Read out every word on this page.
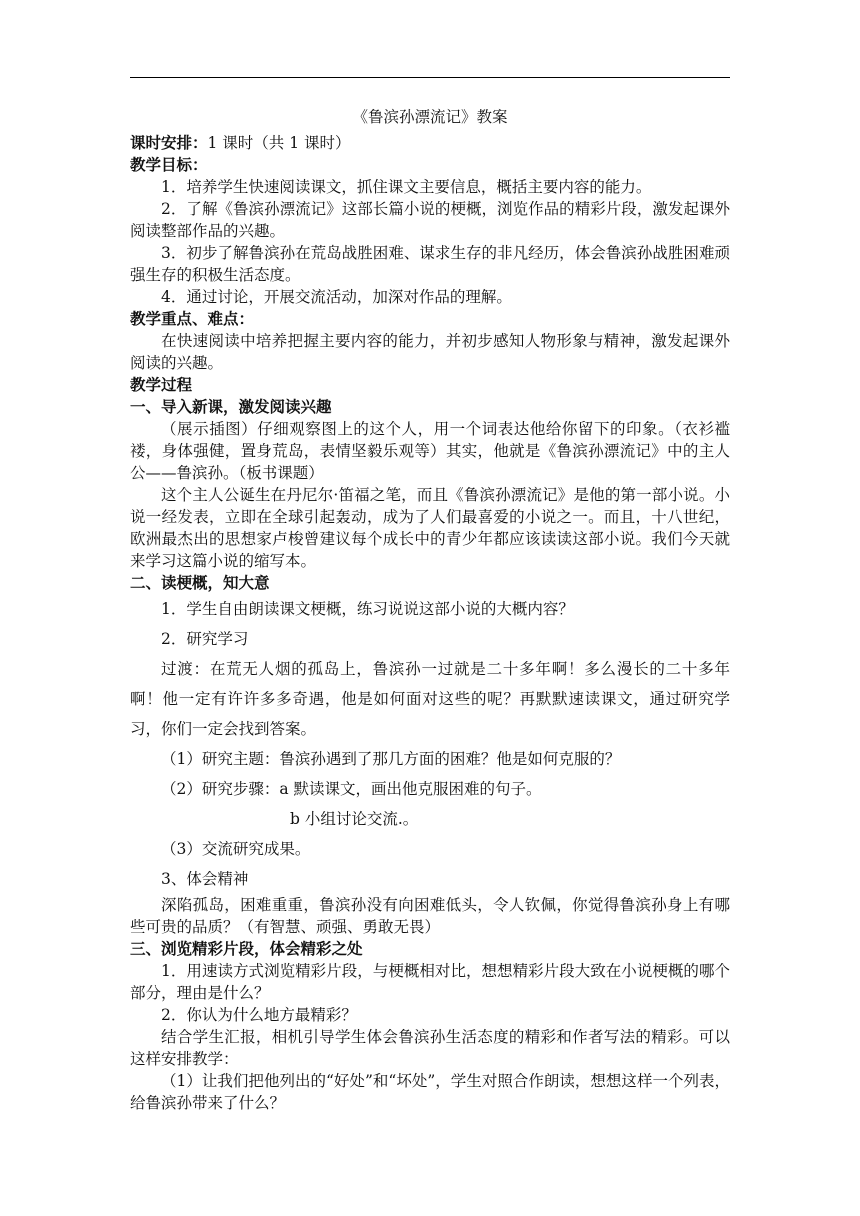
《鲁滨孙漂流记》教案
课时安排：1 课时（共 1 课时）
教学目标：
1．培养学生快速阅读课文，抓住课文主要信息，概括主要内容的能力。
2．了解《鲁滨孙漂流记》这部长篇小说的梗概，浏览作品的精彩片段，激发起课外阅读整部作品的兴趣。
3．初步了解鲁滨孙在荒岛战胜困难、谋求生存的非凡经历，体会鲁滨孙战胜困难顽强生存的积极生活态度。
4．通过讨论，开展交流活动，加深对作品的理解。
教学重点、难点：
在快速阅读中培养把握主要内容的能力，并初步感知人物形象与精神，激发起课外阅读的兴趣。
教学过程
一、导入新课，激发阅读兴趣
（展示插图）仔细观察图上的这个人，用一个词表达他给你留下的印象。（衣衫褴褛，身体强健，置身荒岛，表情坚毅乐观等）其实，他就是《鲁滨孙漂流记》中的主人公——鲁滨孙。（板书课题）
这个主人公诞生在丹尼尔·笛福之笔，而且《鲁滨孙漂流记》是他的第一部小说。小说一经发表，立即在全球引起轰动，成为了人们最喜爱的小说之一。而且，十八世纪，欧洲最杰出的思想家卢梭曾建议每个成长中的青少年都应该读读这部小说。我们今天就来学习这篇小说的缩写本。
二、读梗概，知大意
1．学生自由朗读课文梗概，练习说说这部小说的大概内容？
2．研究学习
过渡：在荒无人烟的孤岛上，鲁滨孙一过就是二十多年啊！多么漫长的二十多年啊！他一定有许许多多奇遇，他是如何面对这些的呢？再默默速读课文，通过研究学习，你们一定会找到答案。
（1）研究主题：鲁滨孙遇到了那几方面的困难？他是如何克服的？
（2）研究步骤：a 默读课文，画出他克服困难的句子。
b 小组讨论交流.。
（3）交流研究成果。
3、体会精神
深陷孤岛，困难重重，鲁滨孙没有向困难低头，令人钦佩，你觉得鲁滨孙身上有哪些可贵的品质？（有智慧、顽强、勇敢无畏）
三、浏览精彩片段，体会精彩之处
1．用速读方式浏览精彩片段，与梗概相对比，想想精彩片段大致在小说梗概的哪个部分，理由是什么？
2．你认为什么地方最精彩？
结合学生汇报，相机引导学生体会鲁滨孙生活态度的精彩和作者写法的精彩。可以这样安排教学：
（1）让我们把他列出的“好处”和“坏处”，学生对照合作朗读，想想这样一个列表，给鲁滨孙带来了什么？
